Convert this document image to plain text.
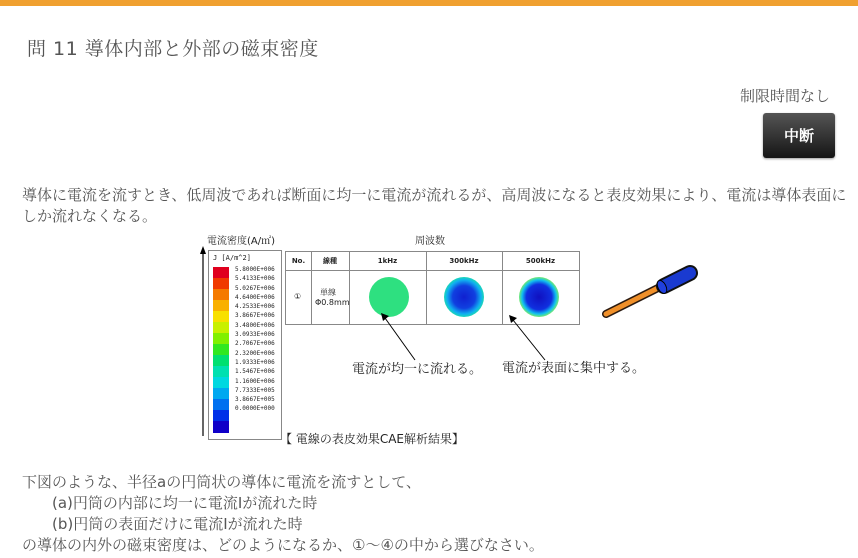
問 11 導体内部と外部の磁束密度
制限時間なし
中断
導体に電流を流すとき、低周波であれば断面に均一に電流が流れるが、高周波になると表皮効果により、電流は導体表面にしか流れなくなる。
電流密度(A/㎡)	周波数
J [A/m^2]
5.8000E+006
5.4133E+006
5.0267E+006
4.6400E+006
4.2533E+006
3.8667E+006
3.4800E+006
3.0933E+006
2.7067E+006
2.3200E+006
1.9333E+006
1.5467E+006
1.1600E+006
7.7333E+005
3.8667E+005
0.0000E+000
No.	線種	1kHz	300kHz	500kHz
① 単線
Φ0.8mm
電流が均一に流れる。 電流が表面に集中する。
【 電線の表皮効果CAE解析結果】
下図のような、半径aの円筒状の導体に電流を流すとして、
(a)円筒の内部に均一に電流Iが流れた時
(b)円筒の表面だけに電流Iが流れた時
の導体の内外の磁束密度は、どのようになるか、①～④の中から選びなさい。
